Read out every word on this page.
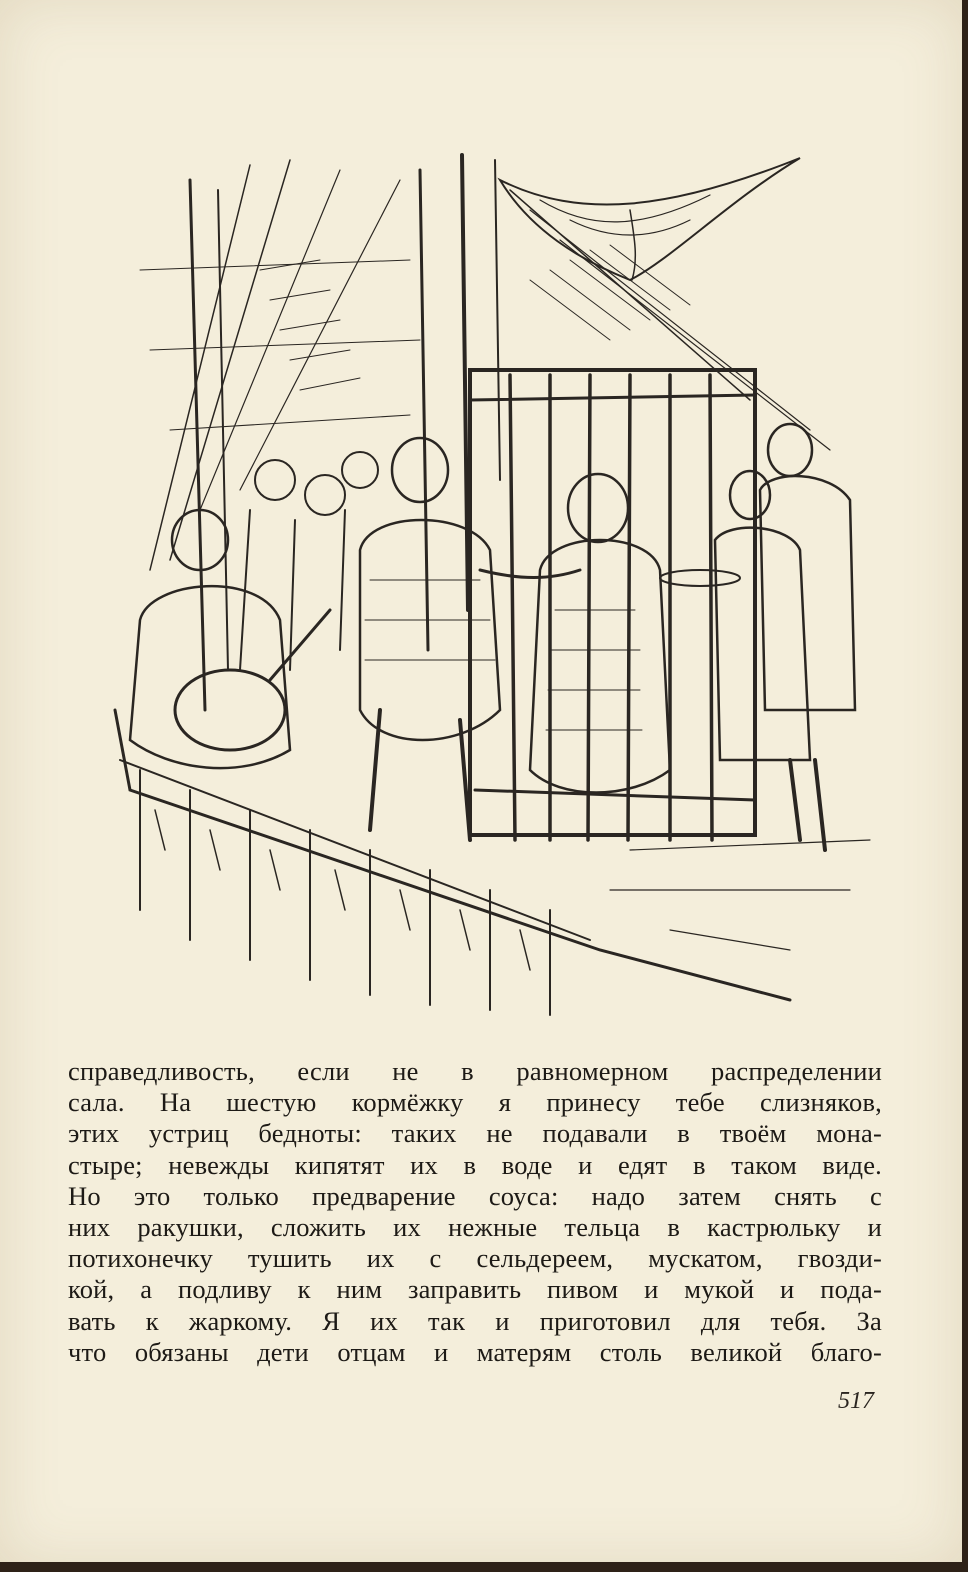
справедливость, если не в равномерном распределении
сала. На шестую кормёжку я принесу тебе слизняков,
этих устриц бедноты: таких не подавали в твоём мона-
стыре; невежды кипятят их в воде и едят в таком виде.
Но это только предварение соуса: надо затем снять с
них ракушки, сложить их нежные тельца в кастрюльку и
потихонечку тушить их с сельдереем, мускатом, гвозди-
кой, а подливу к ним заправить пивом и мукой и пода-
вать к жаркому. Я их так и приготовил для тебя. За
что обязаны дети отцам и матерям столь великой благо-
517
